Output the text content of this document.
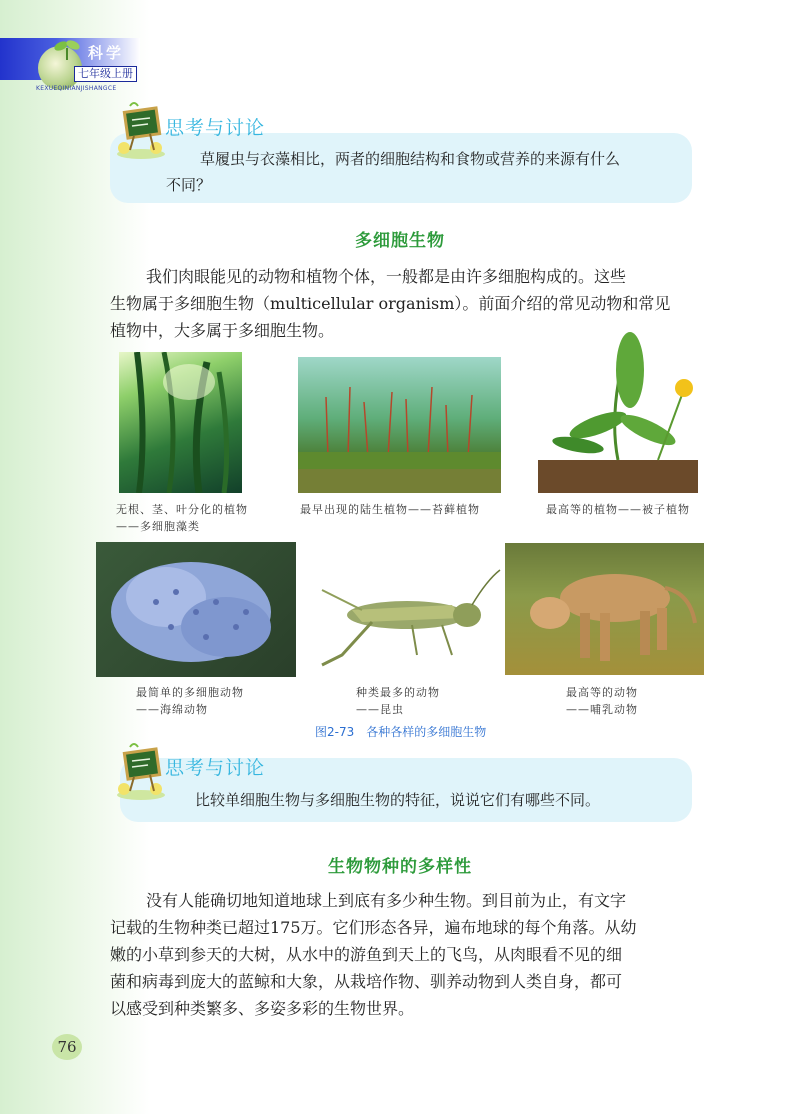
科学
七年级上册
KEXUEQINIANJISHANGCE
思考与讨论
草履虫与衣藻相比，两者的细胞结构和食物或营养的来源有什么
不同？
多细胞生物
我们肉眼能见的动物和植物个体，一般都是由许多细胞构成的。这些
生物属于多细胞生物（multicellular organism）。前面介绍的常见动物和常见
植物中，大多属于多细胞生物。
无根、茎、叶分化的植物——多细胞藻类
最早出现的陆生植物——苔藓植物	最高等的植物——被子植物
最简单的多细胞动物
——海绵动物
种类最多的动物
——昆虫
最高等的动物
——哺乳动物
图2-73　各种各样的多细胞生物
思考与讨论
比较单细胞生物与多细胞生物的特征，说说它们有哪些不同。
生物物种的多样性
没有人能确切地知道地球上到底有多少种生物。到目前为止，有文字
记载的生物种类已超过175万。它们形态各异，遍布地球的每个角落。从幼
嫩的小草到参天的大树，从水中的游鱼到天上的飞鸟，从肉眼看不见的细
菌和病毒到庞大的蓝鲸和大象，从栽培作物、驯养动物到人类自身，都可
以感受到种类繁多、多姿多彩的生物世界。
76
